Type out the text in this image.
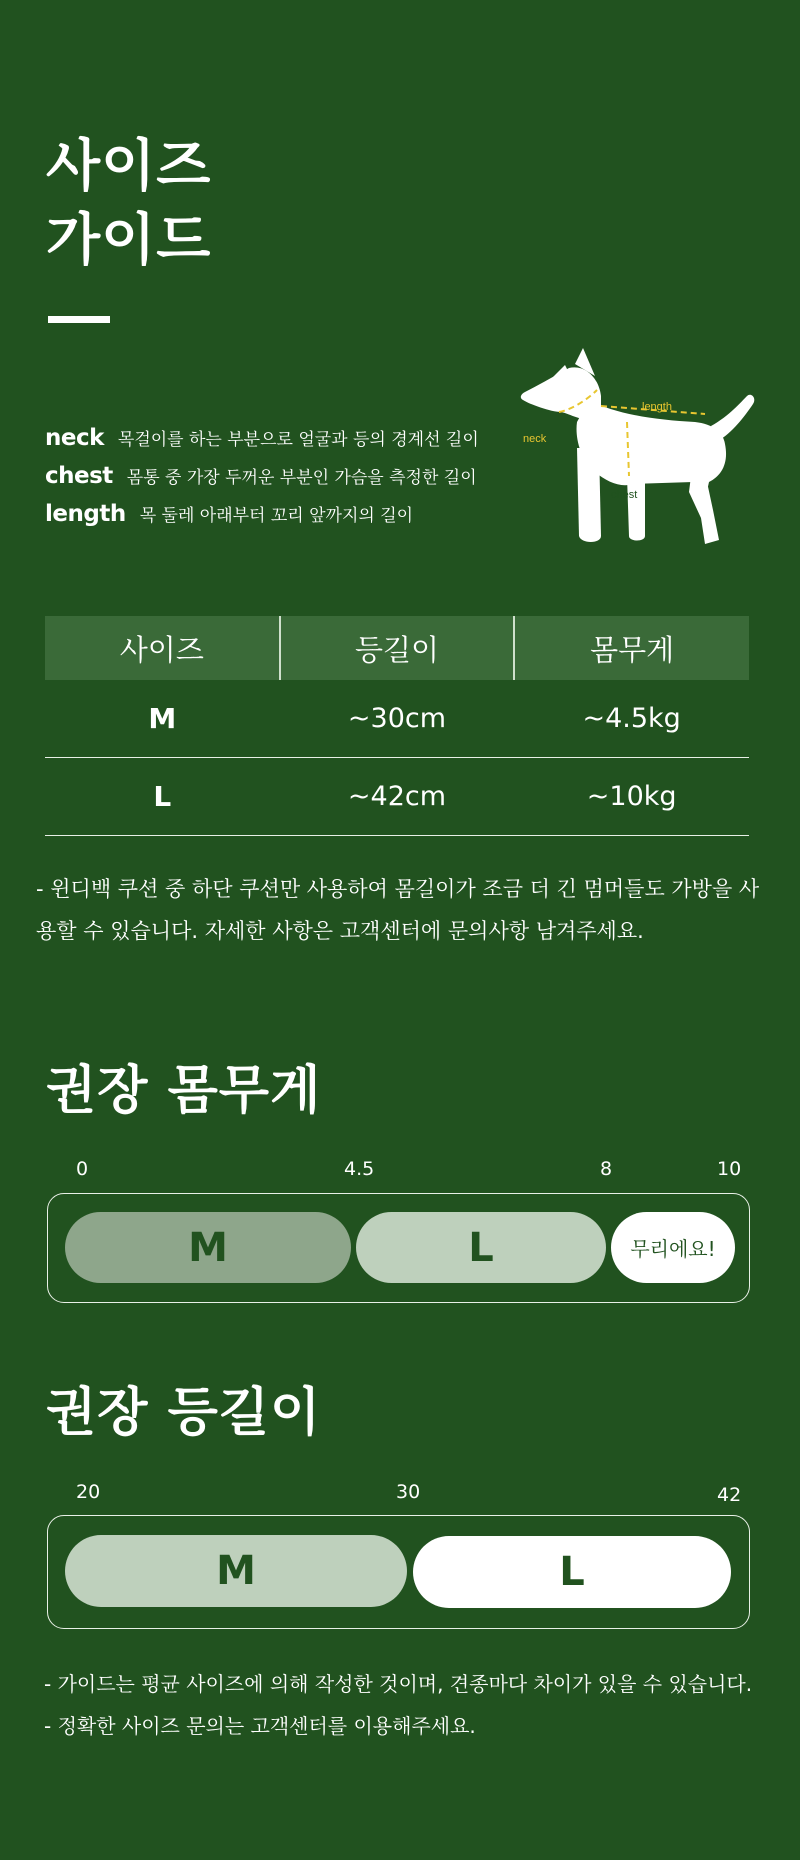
사이즈
가이드
neck 목걸이를 하는 부분으로 얼굴과 등의 경계선 길이
chest 몸통 중 가장 두꺼운 부분인 가슴을 측정한 길이
length 목 둘레 아래부터 꼬리 앞까지의 길이
length
neck
chest
사이즈	등길이	몸무게
M	~30cm	~4.5kg
L	~42cm	~10kg
- 윈디백 쿠션 중 하단 쿠션만 사용하여 몸길이가 조금 더 긴 멈머들도 가방을 사용할 수 있습니다. 자세한 사항은 고객센터에 문의사항 남겨주세요.
권장 몸무게
0	4.5	8	10
M	L	무리에요!
권장 등길이
20	30	42
M	L
- 가이드는 평균 사이즈에 의해 작성한 것이며, 견종마다 차이가 있을 수 있습니다.
- 정확한 사이즈 문의는 고객센터를 이용해주세요.
